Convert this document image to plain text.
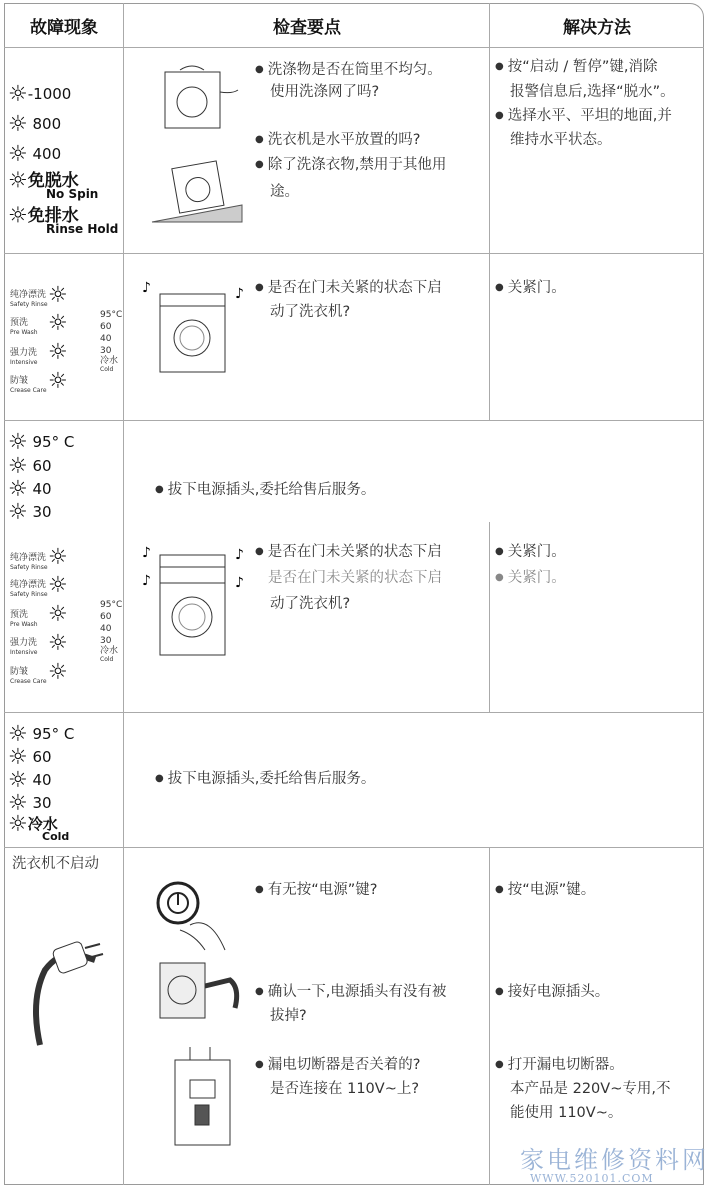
故障现象	检查要点	解决方法
☼-1000
☼ 800
☼ 400
☼免脱水
No Spin
☼免排水
Rinse Hold
● 洗涤物是否在筒里不均匀。
使用洗涤网了吗?
● 洗衣机是水平放置的吗?
● 除了洗涤衣物,禁用于其他用
途。
● 按“启动 / 暂停”键,消除
报警信息后,选择“脱水”。
● 选择水平、平坦的地面,并
维持水平状态。
纯净漂洗
Safety Rinse
预洗
Pre Wash
强力洗
Intensive
防皱
Crease Care
☼
☼
☼
☼
95°C
60
40
30
冷水
Cold
♪	♪
●	是否在门未关紧的状态下启
动了洗衣机?
● 关紧门。
☼ 95° C
☼ 60
☼ 40
☼ 30
● 拔下电源插头,委托给售后服务。
纯净漂洗
Safety Rinse
纯净漂洗
Safety Rinse
预洗
Pre Wash
强力洗
Intensive
防皱
Crease Care
☼
☼
☼
☼
☼
95°C
60
40
30
冷水
Cold
♪	♪
♪	♪
● 是否在门未关紧的状态下启
是否在门未关紧的状态下启
动了洗衣机?
● 关紧门。
● 关紧门。
☼ 95° C
☼ 60
☼ 40
☼ 30
☼冷水
Cold
● 拔下电源插头,委托给售后服务。
洗衣机不启动
● 有无按“电源”键?
● 确认一下,电源插头有没有被
拔掉?
● 漏电切断器是否关着的?
是否连接在 110V~上?
● 按“电源”键。
● 接好电源插头。
● 打开漏电切断器。
本产品是 220V~专用,不
能使用 110V~。
家电维修资料网
WWW.520101.COM
